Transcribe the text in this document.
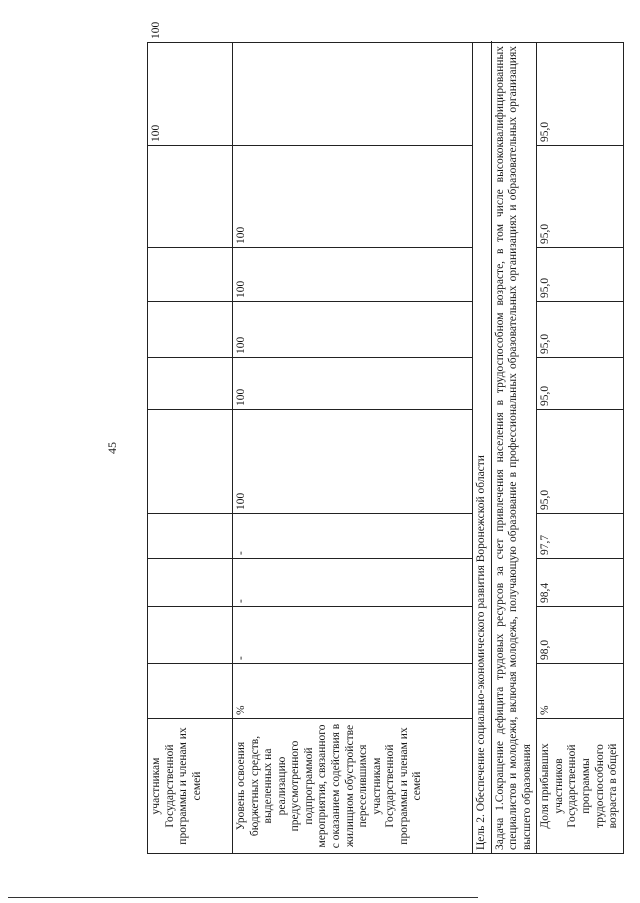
45
участникам Государственной программы и членам их семей										100	100
Уровень освоения бюджетных средств, выделенных на реализацию предусмотренного подпрограммой мероприятия, связанного с оказанием содействия в жилищном обустройстве переселившимся участникам Государственной программы и членам их семей	%	-	-	-	100	100	100	100	100		
Цель 2. Обеспечение социально-экономического развития Воронежской области											
Задача 1.Сокращение дефицита трудовых ресурсов за счет привлечения населения в трудоспособном возрасте, в том числе высококвалифицированных специалистов и молодежи, включая молодежь, получающую образование в профессиональных образовательных организациях и образовательных организациях высшего образования											
Доля прибывших участников Государственной программы трудоспособного возраста в общей	%	98,0	98,4	97,7	95,0	95,0	95,0	95,0	95,0	95,0	
